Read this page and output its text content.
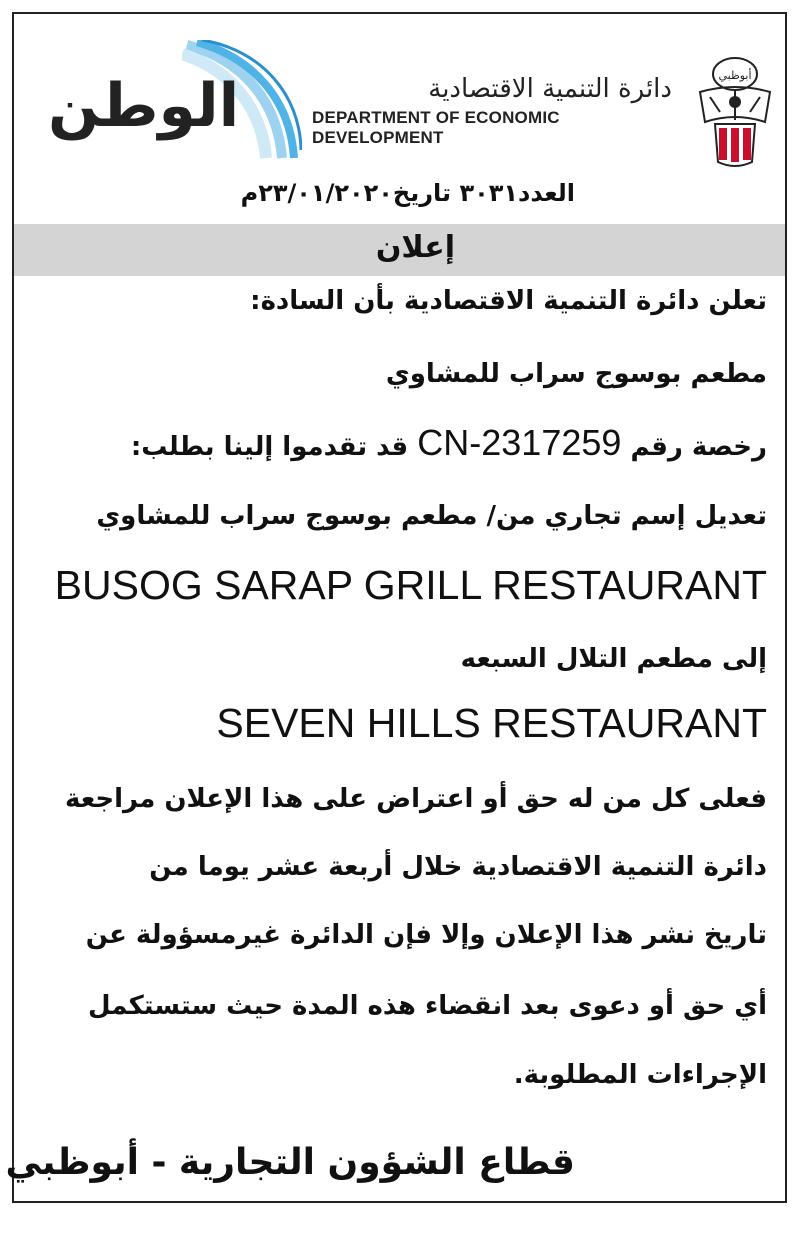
الوطن	دائرة التنمية الاقتصادية
DEPARTMENT OF ECONOMIC DEVELOPMENT
أبوظبي
العدد٣٠٣١ تاريخ٢٣/٠١/٢٠٢٠م
إعلان
تعلن دائرة التنمية الاقتصادية بأن السادة:
مطعم بوسوج سراب للمشاوي
رخصة رقم CN-2317259 قد تقدموا إلينا بطلب:
تعديل إسم تجاري من/ مطعم بوسوج سراب للمشاوي
BUSOG SARAP GRILL RESTAURANT
إلى مطعم التلال السبعه
SEVEN HILLS RESTAURANT
فعلى كل من له حق أو اعتراض على هذا الإعلان مراجعة
دائرة التنمية الاقتصادية خلال أربعة عشر يوما من
تاريخ نشر هذا الإعلان وإلا فإن الدائرة غيرمسؤولة عن
أي حق أو دعوى بعد انقضاء هذه المدة حيث ستستكمل
الإجراءات المطلوبة.
قطاع الشؤون التجارية - أبوظبي
